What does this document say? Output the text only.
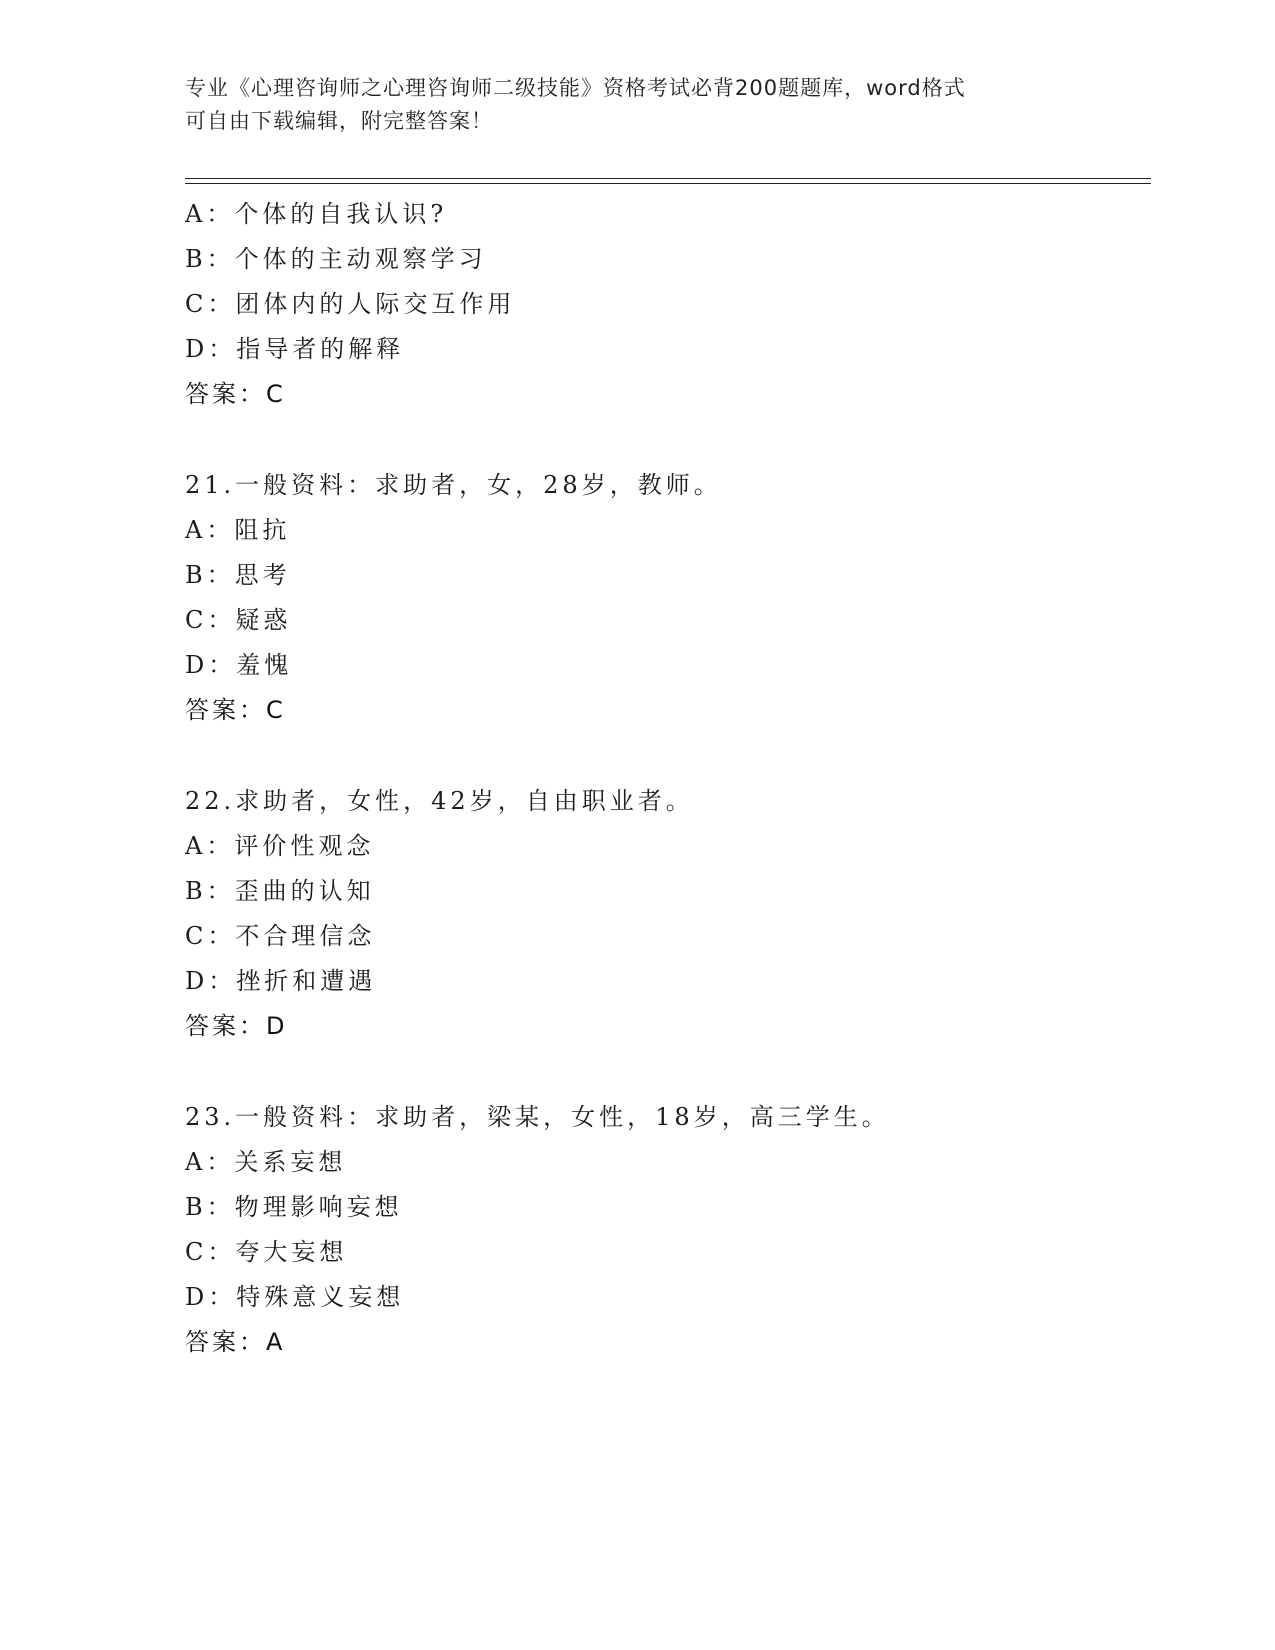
专业《心理咨询师之心理咨询师二级技能》资格考试必背200题题库，word格式
可自由下载编辑，附完整答案！
A：个体的自我认识?
B：个体的主动观察学习
C：团体内的人际交互作用
D：指导者的解释
答案：C
21.一般资料：求助者，女，28岁，教师。
A：阻抗
B：思考
C：疑惑
D：羞愧
答案：C
22.求助者，女性，42岁，自由职业者。
A：评价性观念
B：歪曲的认知
C：不合理信念
D：挫折和遭遇
答案：D
23.一般资料：求助者，梁某，女性，18岁，高三学生。
A：关系妄想
B：物理影响妄想
C：夸大妄想
D：特殊意义妄想
答案：A
